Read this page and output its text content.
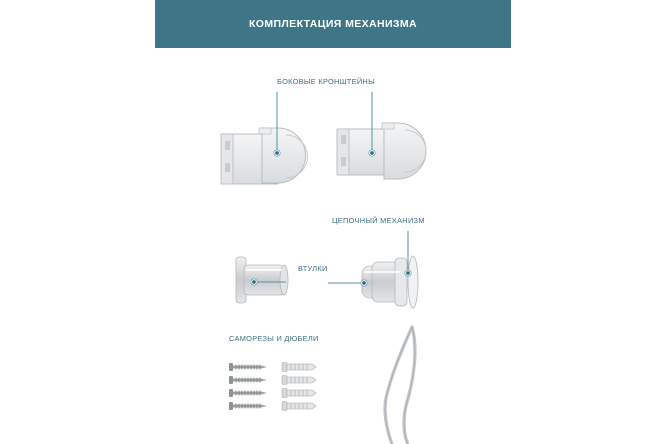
КОМПЛЕКТАЦИЯ МЕХАНИЗМА
БОКОВЫЕ КРОНШТЕЙНЫ
ЦЕПОЧНЫЙ МЕХАНИЗМ
ВТУЛКИ
САМОРЕЗЫ И ДЮБЕЛИ
